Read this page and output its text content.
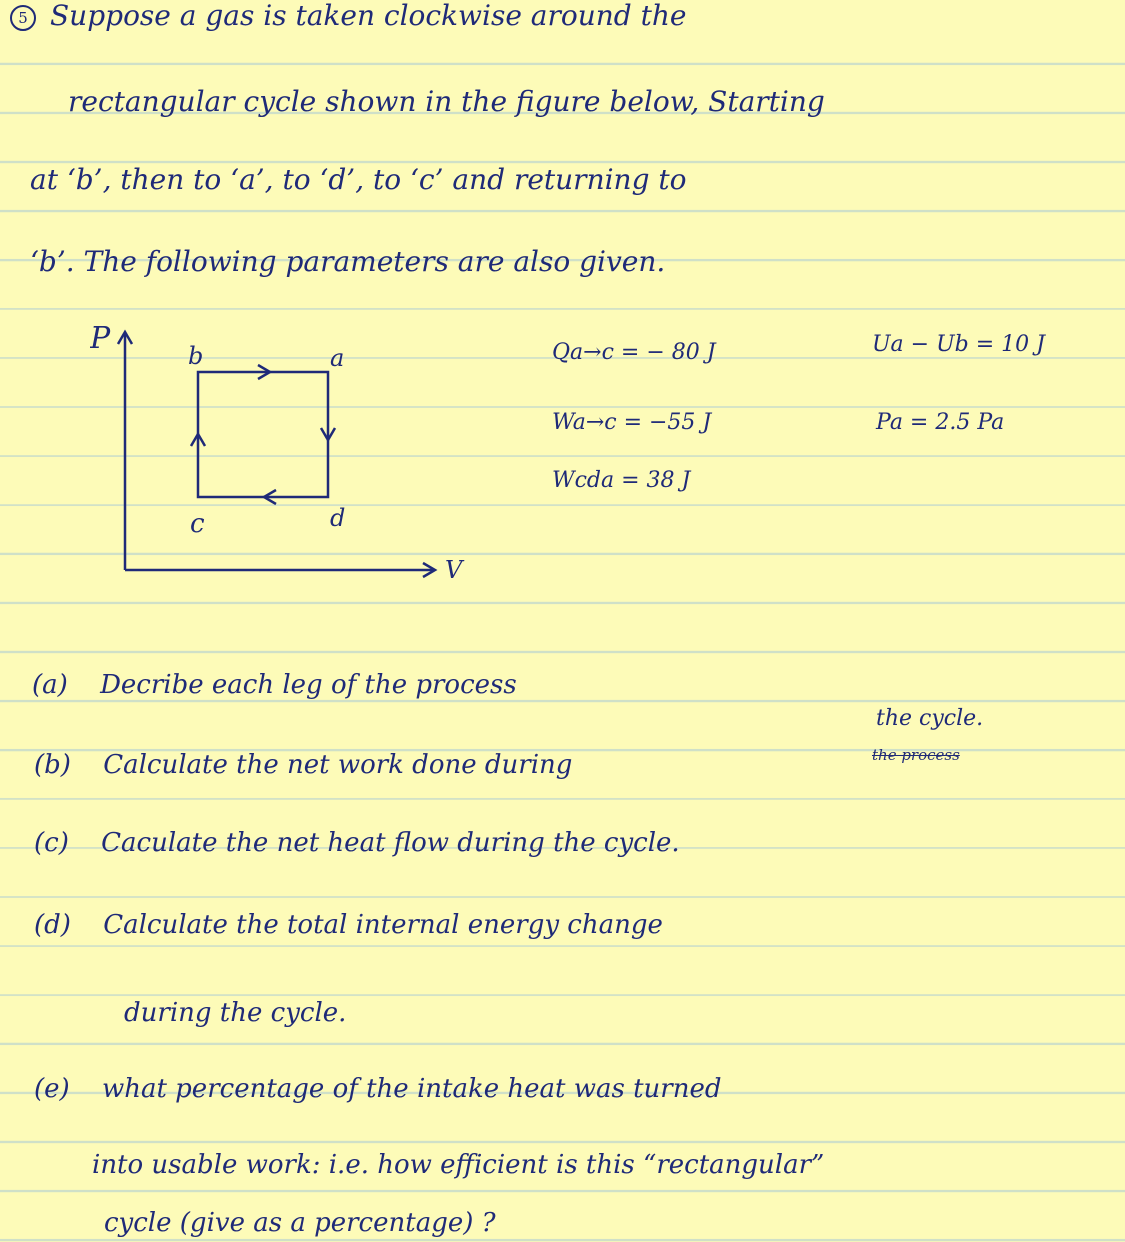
5 Suppose a gas is taken clockwise around the
rectangular cycle shown in the figure below, Starting
at ‘b’, then to ‘a’, to ‘d’, to ‘c’ and returning to
‘b’. The following parameters are also given.
P
V
b	a
c	d
Qa→c = − 80 J	Ua − Ub = 10 J
Wa→c = −55 J	Pa = 2.5 Pa
Wcda = 38 J
(a) Decribe each leg of the process
the cycle.
the process
(b) Calculate the net work done during
(c) Caculate the net heat flow during the cycle.
(d) Calculate the total internal energy change
during the cycle.
(e) what percentage of the intake heat was turned
into usable work: i.e. how efficient is this “rectangular”
cycle (give as a percentage) ?
